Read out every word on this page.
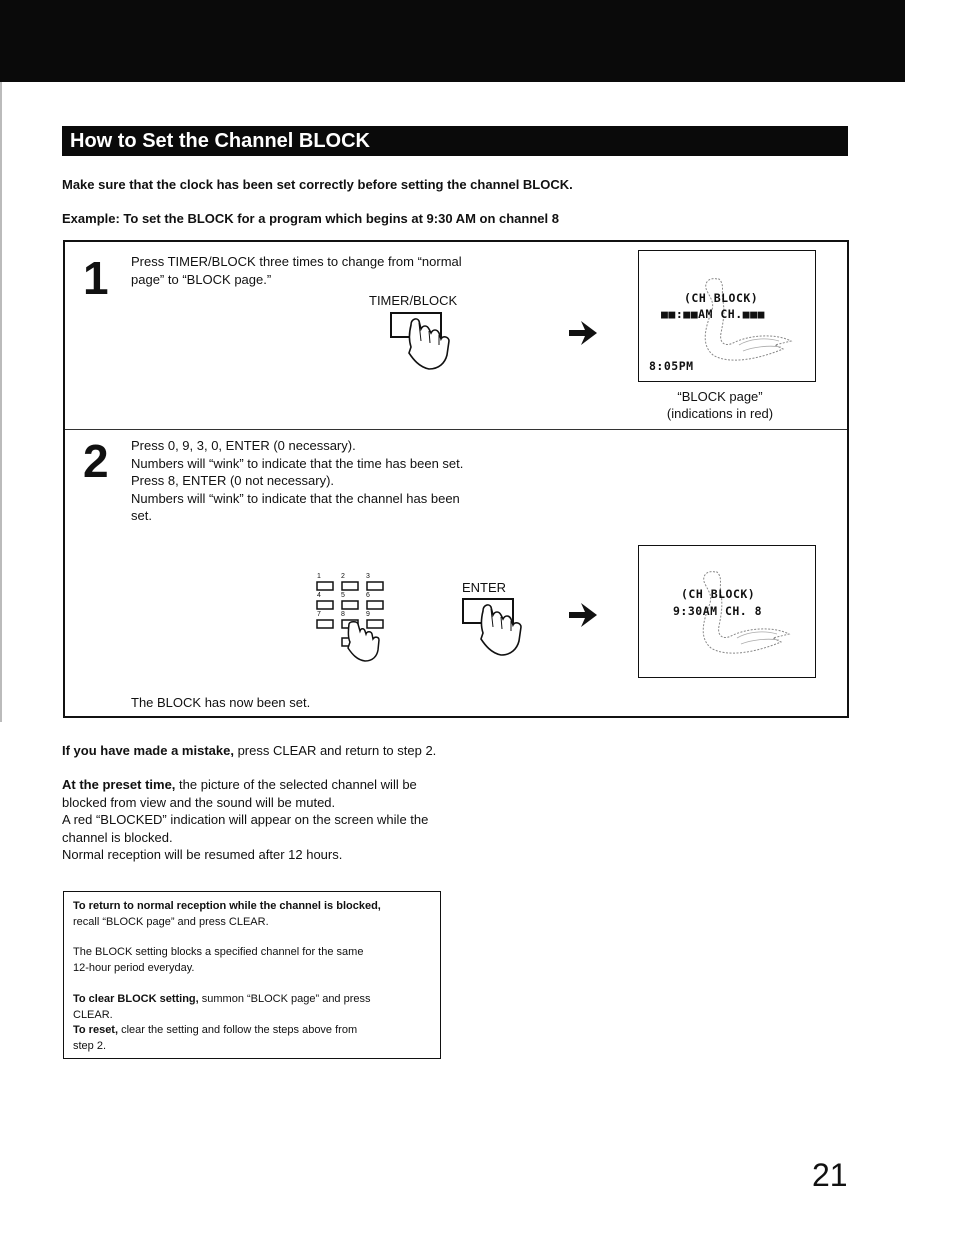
How to Set the Channel BLOCK
Make sure that the clock has been set correctly before setting the channel BLOCK.
Example: To set the BLOCK for a program which begins at 9:30 AM on channel 8
1 Press TIMER/BLOCK three times to change from “normal
page” to “BLOCK page.”
TIMER/BLOCK	(CH BLOCK)
■■:■■AM CH.■■■
8:05PM
“BLOCK page”
(indications in red)
2 Press 0, 9, 3, 0, ENTER (0 necessary).
Numbers will “wink” to indicate that the time has been set.
Press 8, ENTER (0 not necessary).
Numbers will “wink” to indicate that the channel has been
set.
1	2	3
4	5	6
7	8	9
ENTER	(CH BLOCK)
9:30AM CH. 8
The BLOCK has now been set.
If you have made a mistake, press CLEAR and return to step 2.
At the preset time, the picture of the selected channel will be
blocked from view and the sound will be muted.
A red “BLOCKED” indication will appear on the screen while the
channel is blocked.
Normal reception will be resumed after 12 hours.
To return to normal reception while the channel is blocked,
recall “BLOCK page” and press CLEAR.
The BLOCK setting blocks a specified channel for the same
12-hour period everyday.
To clear BLOCK setting, summon “BLOCK page” and press
CLEAR.
To reset, clear the setting and follow the steps above from
step 2.
21
